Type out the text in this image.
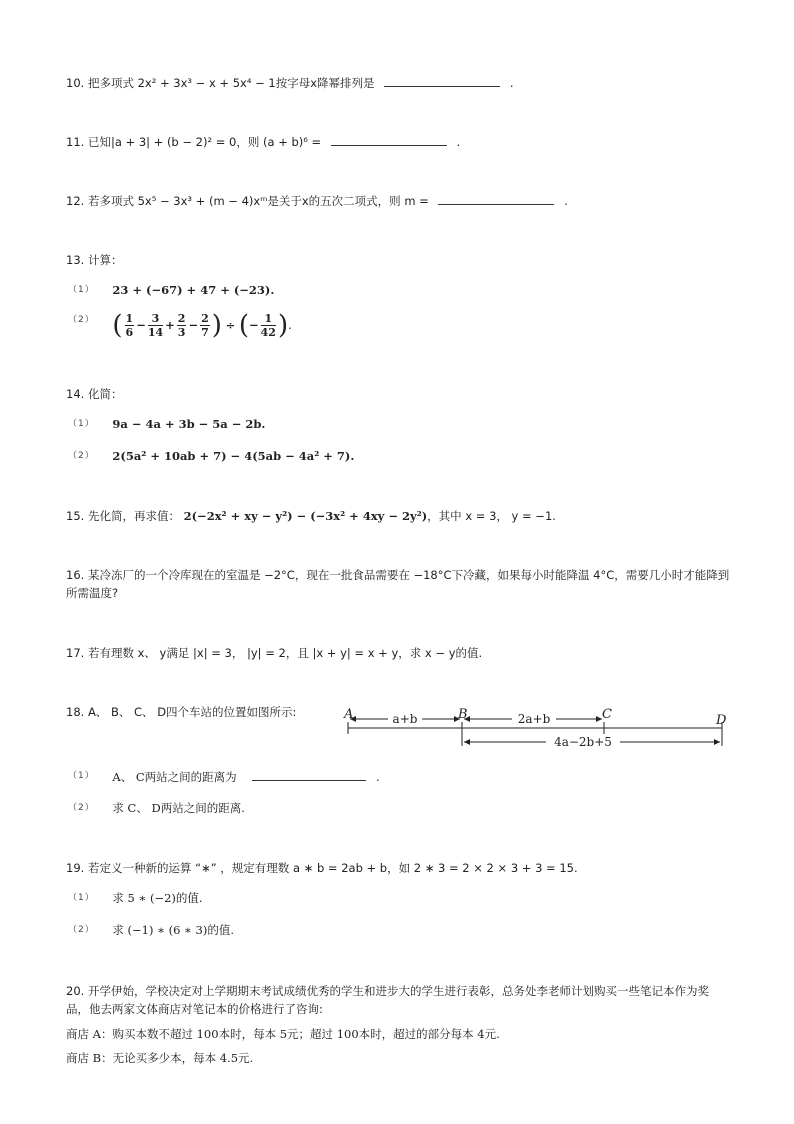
10. 把多项式 2x² + 3x³ − x + 5x⁴ − 1按字母x降幂排列是	.
11. 已知|a + 3| + (b − 2)² = 0，则 (a + b)⁶ =	.
12. 若多项式 5x⁵ − 3x³ + (m − 4)xᵐ是关于x的五次二项式，则 m =	.
13. 计算：
$^{(1)}$ 23 + (−67) + 47 + (−23).
$^{(2)}$ ( $\frac{1}{6} - \frac{3}{14} + \frac{2}{3} - \frac{2}{7}$ ) ÷ (− $\frac{1}{42}$ ).
14. 化简：
$^{(1)}$ 9a − 4a + 3b − 5a − 2b.
$^{(2)}$ 2(5a² + 10ab + 7) − 4(5ab − 4a² + 7).
15. 先化简，再求值： 2(−2x² + xy − y²) − (−3x² + 4xy − 2y²)，其中 x = 3， y = −1.
16. 某冷冻厂的一个冷库现在的室温是 −2°C，现在一批食品需要在 −18°C下冷藏，如果每小时能降温 4°C，需要几小时才能降到
所需温度?
17. 若有理数 x、 y满足 |x| = 3， |y| = 2，且 |x + y| = x + y，求 x − y的值.
18. A、 B、 C、 D四个车站的位置如图所示:	A	B	C	D
a+b	2a+b
4a−2b+5
$^{(1)}$ A、 C两站之间的距离为	.
$^{(2)}$ 求 C、 D两站之间的距离.
19. 若定义一种新的运算 “∗” ，规定有理数 a ∗ b = 2ab + b，如 2 ∗ 3 = 2 × 2 × 3 + 3 = 15.
$^{(1)}$ 求 5 ∗ (−2)的值.
$^{(2)}$ 求 (−1) ∗ (6 ∗ 3)的值.
20. 开学伊始，学校决定对上学期期末考试成绩优秀的学生和进步大的学生进行表彰，总务处李老师计划购买一些笔记本作为奖
品，他去两家文体商店对笔记本的价格进行了咨询:
商店 A：购买本数不超过 100本时，每本 5元；超过 100本时，超过的部分每本 4元.
商店 B：无论买多少本，每本 4.5元.
